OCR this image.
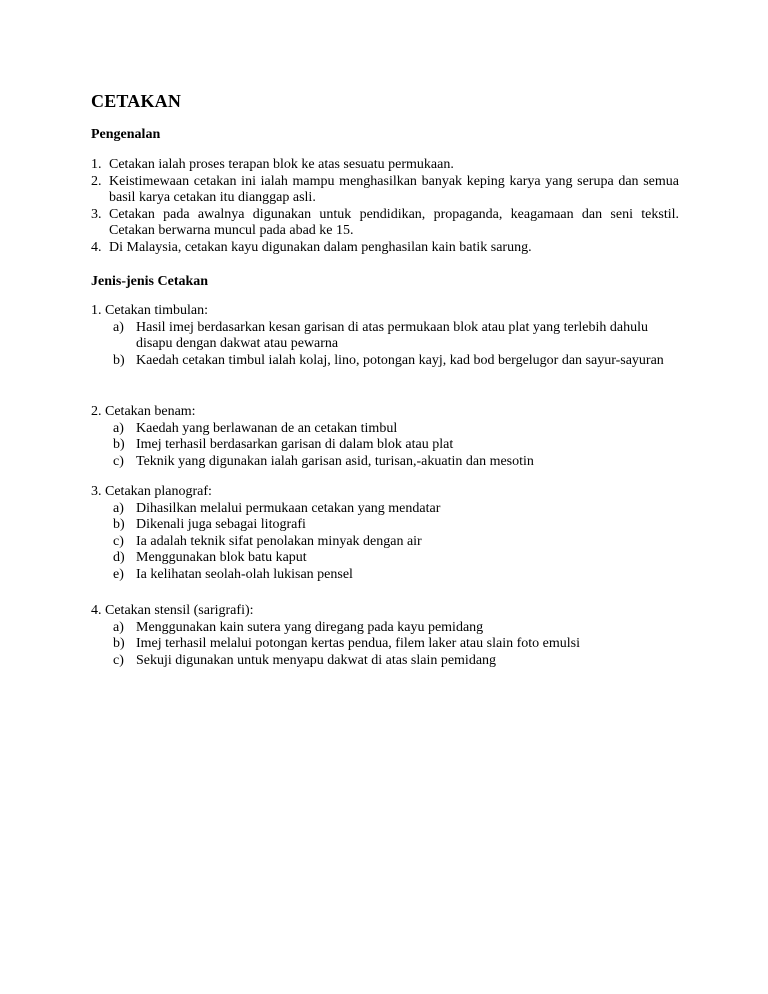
CETAKAN
Pengenalan
1. Cetakan ialah proses terapan blok ke atas sesuatu permukaan.
2. Keistimewaan cetakan ini ialah mampu menghasilkan banyak keping karya yang serupa dan semua basil karya cetakan itu dianggap asli.
3. Cetakan pada awalnya digunakan untuk pendidikan, propaganda, keagamaan dan seni tekstil. Cetakan berwarna muncul pada abad ke 15.
4. Di Malaysia, cetakan kayu digunakan dalam penghasilan kain batik sarung.
Jenis-jenis Cetakan

1. Cetakan timbulan:

a) Hasil imej berdasarkan kesan garisan di atas permukaan blok atau plat yang terlebih dahulu disapu dengan dakwat atau pewarna
b) Kaedah cetakan timbul ialah kolaj, lino, potongan kayj, kad bod bergelugor dan sayur-sayuran

2. Cetakan benam:

a) Kaedah yang berlawanan de an cetakan timbul
b) Imej terhasil berdasarkan garisan di dalam blok atau plat
c) Teknik yang digunakan ialah garisan asid, turisan,-akuatin dan mesotin

3. Cetakan planograf:

a) Dihasilkan melalui permukaan cetakan yang mendatar
b) Dikenali juga sebagai litografi
c) Ia adalah teknik sifat penolakan minyak dengan air
d) Menggunakan blok batu kaput
e) Ia kelihatan seolah-olah lukisan pensel

4. Cetakan stensil (sarigrafi):

a) Menggunakan kain sutera yang diregang pada kayu pemidang
b) Imej terhasil melalui potongan kertas pendua, filem laker atau slain foto emulsi
c) Sekuji digunakan untuk menyapu dakwat di atas slain pemidang
